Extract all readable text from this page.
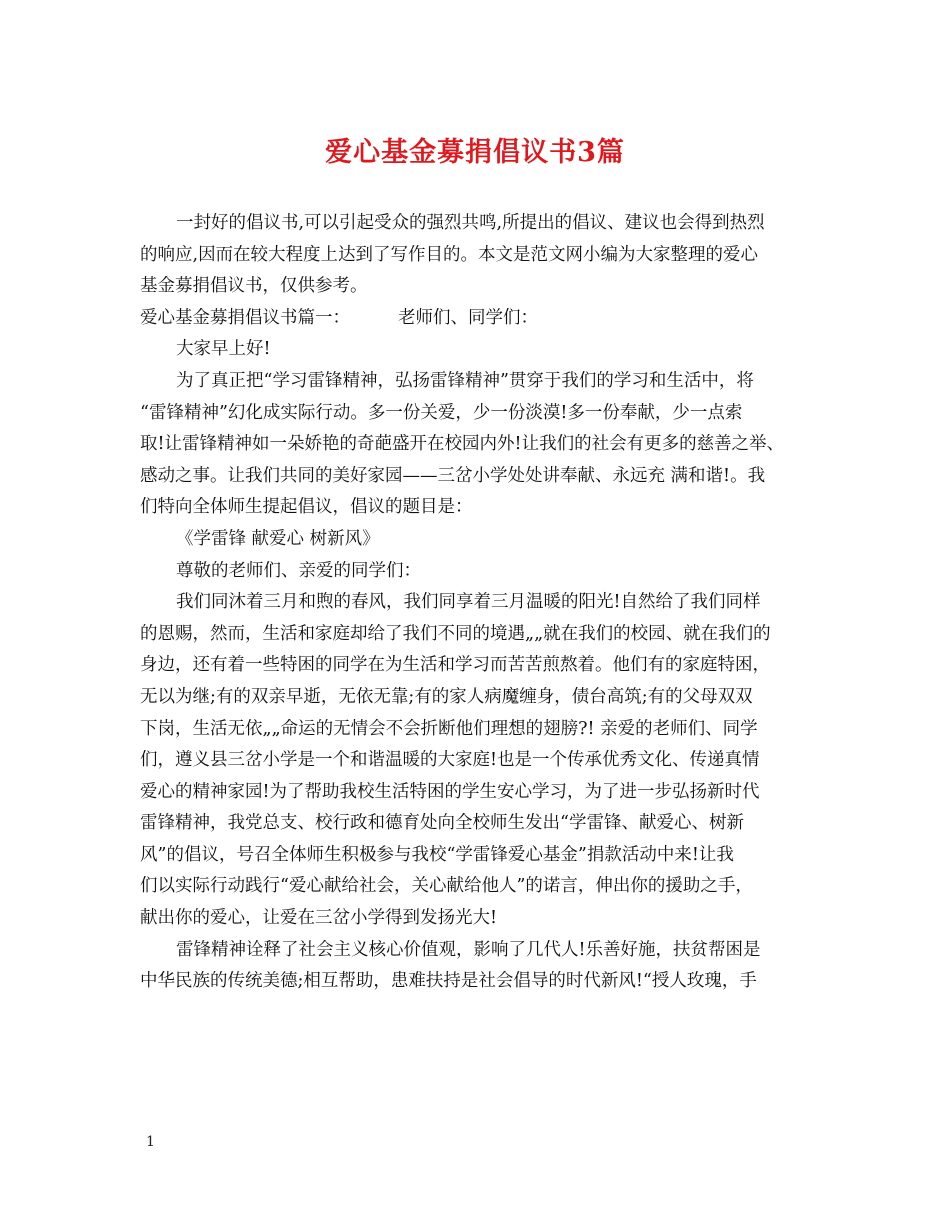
爱心基金募捐倡议书3篇
一封好的倡议书,可以引起受众的强烈共鸣,所提出的倡议、建议也会得到热烈
的响应,因而在较大程度上达到了写作目的。本文是范文网小编为大家整理的爱心
基金募捐倡议书，仅供参考。
爱心基金募捐倡议书篇一：	老师们、同学们：
大家早上好!
为了真正把“学习雷锋精神，弘扬雷锋精神”贯穿于我们的学习和生活中，将
“雷锋精神”幻化成实际行动。多一份关爱，少一份淡漠!多一份奉献，少一点索
取!让雷锋精神如一朵娇艳的奇葩盛开在校园内外!让我们的社会有更多的慈善之举、
感动之事。让我们共同的美好家园——三岔小学处处讲奉献、永远充 满和谐!。我
们特向全体师生提起倡议，倡议的题目是：
《学雷锋 献爱心 树新风》
尊敬的老师们、亲爱的同学们：
我们同沐着三月和煦的春风，我们同享着三月温暖的阳光!自然给了我们同样
的恩赐，然而，生活和家庭却给了我们不同的境遇„„就在我们的校园、就在我们的
身边，还有着一些特困的同学在为生活和学习而苦苦煎熬着。他们有的家庭特困，
无以为继;有的双亲早逝，无依无靠;有的家人病魔缠身，债台高筑;有的父母双双
下岗，生活无依„„命运的无情会不会折断他们理想的翅膀?! 亲爱的老师们、同学
们，遵义县三岔小学是一个和谐温暖的大家庭!也是一个传承优秀文化、传递真情
爱心的精神家园!为了帮助我校生活特困的学生安心学习，为了进一步弘扬新时代
雷锋精神，我党总支、校行政和德育处向全校师生发出“学雷锋、献爱心、树新
风”的倡议，号召全体师生积极参与我校“学雷锋爱心基金”捐款活动中来!让我
们以实际行动践行“爱心献给社会，关心献给他人”的诺言，伸出你的援助之手，
献出你的爱心，让爱在三岔小学得到发扬光大!
雷锋精神诠释了社会主义核心价值观，影响了几代人!乐善好施，扶贫帮困是
中华民族的传统美德;相互帮助，患难扶持是社会倡导的时代新风!“授人玫瑰，手
1
